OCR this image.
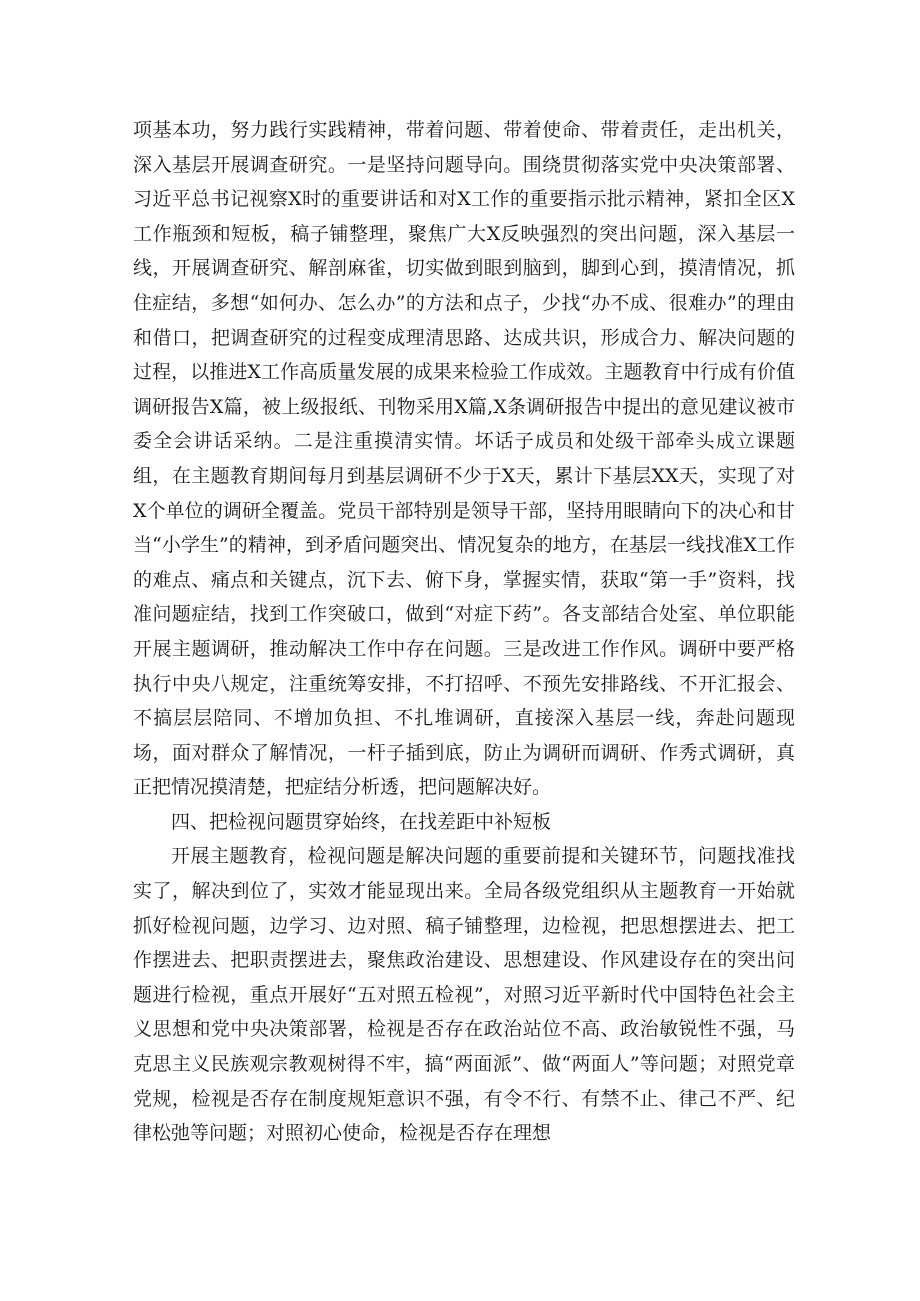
项基本功，努力践行实践精神，带着问题、带着使命、带着责任，走出机关，深入基层开展调查研究。一是坚持问题导向。围绕贯彻落实党中央决策部署、习近平总书记视察X时的重要讲话和对X工作的重要指示批示精神，紧扣全区X工作瓶颈和短板，稿子铺整理，聚焦广大X反映强烈的突出问题，深入基层一线，开展调查研究、解剖麻雀，切实做到眼到脑到，脚到心到，摸清情况，抓住症结，多想“如何办、怎么办”的方法和点子，少找“办不成、很难办”的理由和借口，把调查研究的过程变成理清思路、达成共识，形成合力、解决问题的过程，以推进X工作高质量发展的成果来检验工作成效。主题教育中行成有价值调研报告X篇，被上级报纸、刊物采用X篇,X条调研报告中提出的意见建议被市委全会讲话采纳。二是注重摸清实情。坏话子成员和处级干部牵头成立课题组，在主题教育期间每月到基层调研不少于X天，累计下基层XX天，实现了对X个单位的调研全覆盖。党员干部特别是领导干部，坚持用眼睛向下的决心和甘当“小学生”的精神，到矛盾问题突出、情况复杂的地方，在基层一线找准X工作的难点、痛点和关键点，沉下去、俯下身，掌握实情，获取“第一手”资料，找准问题症结，找到工作突破口，做到“对症下药”。各支部结合处室、单位职能开展主题调研，推动解决工作中存在问题。三是改进工作作风。调研中要严格执行中央八规定，注重统筹安排，不打招呼、不预先安排路线、不开汇报会、不搞层层陪同、不增加负担、不扎堆调研，直接深入基层一线，奔赴问题现场，面对群众了解情况，一杆子插到底，防止为调研而调研、作秀式调研，真正把情况摸清楚，把症结分析透，把问题解决好。

四、把检视问题贯穿始终，在找差距中补短板

开展主题教育，检视问题是解决问题的重要前提和关键环节，问题找准找实了，解决到位了，实效才能显现出来。全局各级党组织从主题教育一开始就抓好检视问题，边学习、边对照、稿子铺整理，边检视，把思想摆进去、把工作摆进去、把职责摆进去，聚焦政治建设、思想建设、作风建设存在的突出问题进行检视，重点开展好“五对照五检视”，对照习近平新时代中国特色社会主义思想和党中央决策部署，检视是否存在政治站位不高、政治敏锐性不强，马克思主义民族观宗教观树得不牢，搞“两面派”、做“两面人”等问题；对照党章党规，检视是否存在制度规矩意识不强，有令不行、有禁不止、律己不严、纪律松弛等问题；对照初心使命，检视是否存在理想
